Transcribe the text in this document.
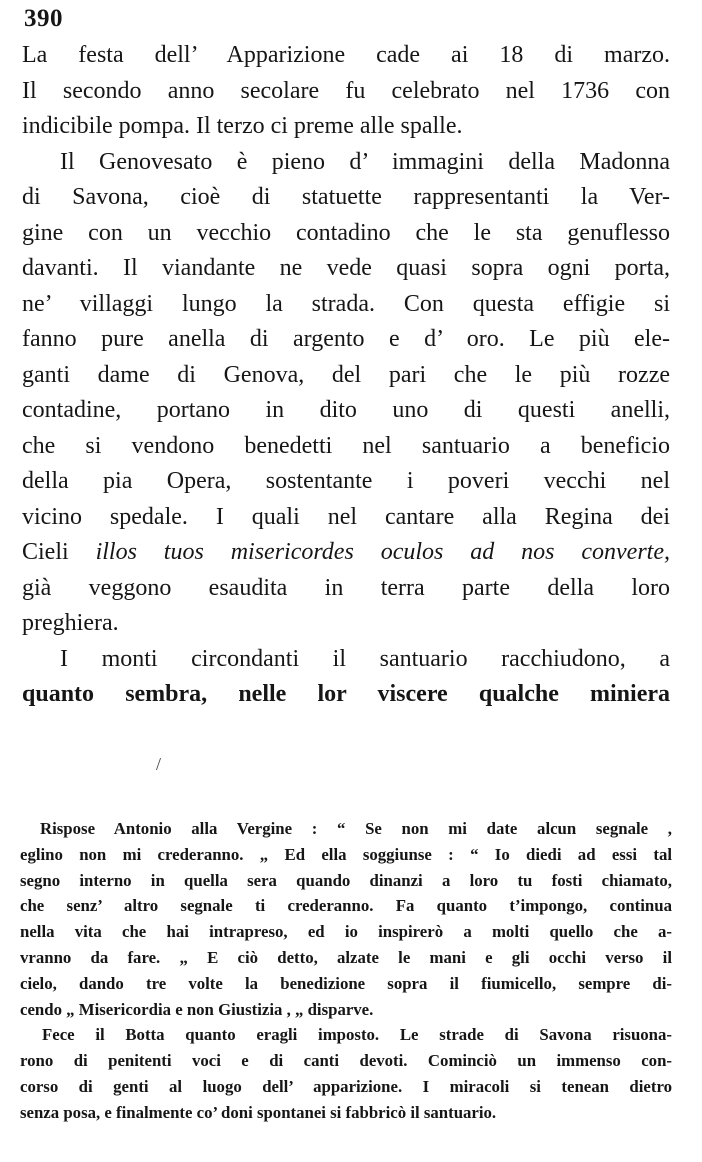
390
La festa dell’ Apparizione cade ai 18 di marzo.
Il secondo anno secolare fu celebrato nel 1736 con
indicibile pompa. Il terzo ci preme alle spalle.
Il Genovesato è pieno d’ immagini della Madonna
di Savona, cioè di statuette rappresentanti la Ver-
gine con un vecchio contadino che le sta genuflesso
davanti. Il viandante ne vede quasi sopra ogni porta,
ne’ villaggi lungo la strada. Con questa effigie si
fanno pure anella di argento e d’ oro. Le più ele-
ganti dame di Genova, del pari che le più rozze
contadine, portano in dito uno di questi anelli,
che si vendono benedetti nel santuario a beneficio
della pia Opera, sostentante i poveri vecchi nel
vicino spedale. I quali nel cantare alla Regina dei
Cieli illos tuos misericordes oculos ad nos converte,
già veggono esaudita in terra parte della loro
preghiera.
I monti circondanti il santuario racchiudono, a
quanto sembra, nelle lor viscere qualche miniera
/
Rispose Antonio alla Vergine : “ Se non mi date alcun segnale ,
eglino non mi crederanno. „ Ed ella soggiunse : “ Io diedi ad essi tal
segno interno in quella sera quando dinanzi a loro tu fosti chiamato,
che senz’ altro segnale ti crederanno. Fa quanto t’impongo, continua
nella vita che hai intrapreso, ed io inspirerò a molti quello che a-
vranno da fare. „ E ciò detto, alzate le mani e gli occhi verso il
cielo, dando tre volte la benedizione sopra il fiumicello, sempre di-
cendo „ Misericordia e non Giustizia , „ disparve.
Fece il Botta quanto eragli imposto. Le strade di Savona risuona-
rono di penitenti voci e di canti devoti. Cominciò un immenso con-
corso di genti al luogo dell’ apparizione. I miracoli si tenean dietro
senza posa, e finalmente co’ doni spontanei si fabbricò il santuario.
